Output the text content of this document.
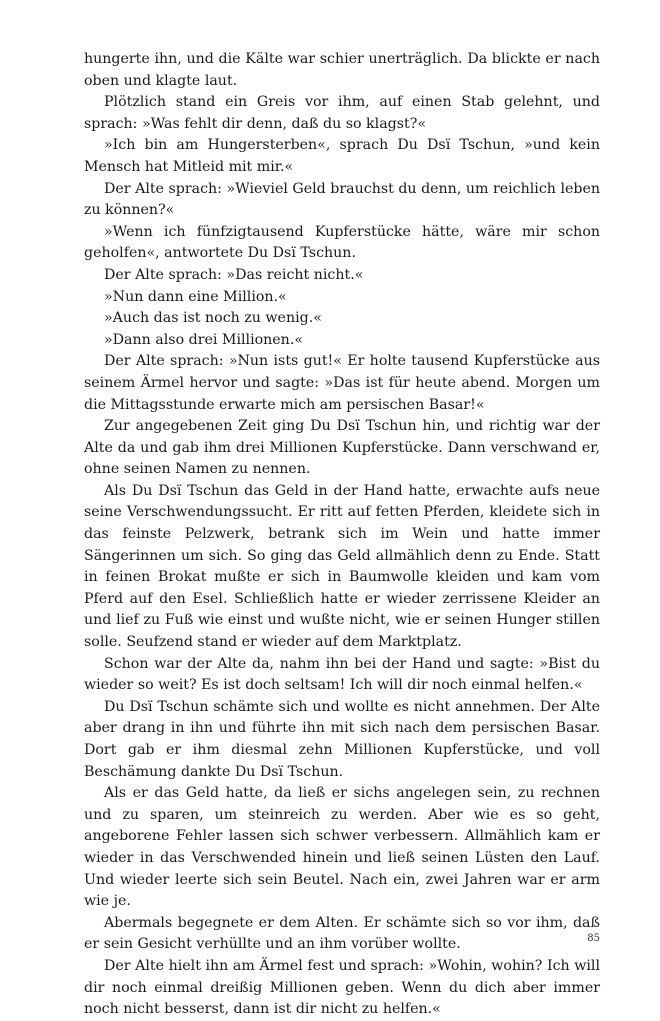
hungerte ihn, und die Kälte war schier unerträglich. Da blickte er nach oben und klagte laut.

Plötzlich stand ein Greis vor ihm, auf einen Stab gelehnt, und sprach: »Was fehlt dir denn, daß du so klagst?«

»Ich bin am Hungersterben«, sprach Du Dsï Tschun, »und kein Mensch hat Mitleid mit mir.«

Der Alte sprach: »Wieviel Geld brauchst du denn, um reichlich leben zu können?«

»Wenn ich fünfzigtausend Kupferstücke hätte, wäre mir schon geholfen«, antwortete Du Dsï Tschun.

Der Alte sprach: »Das reicht nicht.«

»Nun dann eine Million.«

»Auch das ist noch zu wenig.«

»Dann also drei Millionen.«

Der Alte sprach: »Nun ists gut!« Er holte tausend Kupferstücke aus seinem Ärmel hervor und sagte: »Das ist für heute abend. Morgen um die Mittagsstunde erwarte mich am persischen Basar!«

Zur angegebenen Zeit ging Du Dsï Tschun hin, und richtig war der Alte da und gab ihm drei Millionen Kupferstücke. Dann verschwand er, ohne seinen Namen zu nennen.

Als Du Dsï Tschun das Geld in der Hand hatte, erwachte aufs neue seine Verschwendungssucht. Er ritt auf fetten Pferden, kleidete sich in das feinste Pelzwerk, betrank sich im Wein und hatte immer Sängerinnen um sich. So ging das Geld allmählich denn zu Ende. Statt in feinen Brokat mußte er sich in Baumwolle kleiden und kam vom Pferd auf den Esel. Schließlich hatte er wieder zerrissene Kleider an und lief zu Fuß wie einst und wußte nicht, wie er seinen Hunger stillen solle. Seufzend stand er wieder auf dem Marktplatz.

Schon war der Alte da, nahm ihn bei der Hand und sagte: »Bist du wieder so weit? Es ist doch seltsam! Ich will dir noch einmal helfen.«

Du Dsï Tschun schämte sich und wollte es nicht annehmen. Der Alte aber drang in ihn und führte ihn mit sich nach dem persischen Basar. Dort gab er ihm diesmal zehn Millionen Kupferstücke, und voll Beschämung dankte Du Dsï Tschun.

Als er das Geld hatte, da ließ er sichs angelegen sein, zu rechnen und zu sparen, um steinreich zu werden. Aber wie es so geht, angeborene Fehler lassen sich schwer verbessern. Allmählich kam er wieder in das Verschwended hinein und ließ seinen Lüsten den Lauf. Und wieder leerte sich sein Beutel. Nach ein, zwei Jahren war er arm wie je.

Abermals begegnete er dem Alten. Er schämte sich so vor ihm, daß er sein Gesicht verhüllte und an ihm vorüber wollte.

Der Alte hielt ihn am Ärmel fest und sprach: »Wohin, wohin? Ich will dir noch einmal dreißig Millionen geben. Wenn du dich aber immer noch nicht besserst, dann ist dir nicht zu helfen.«

85
